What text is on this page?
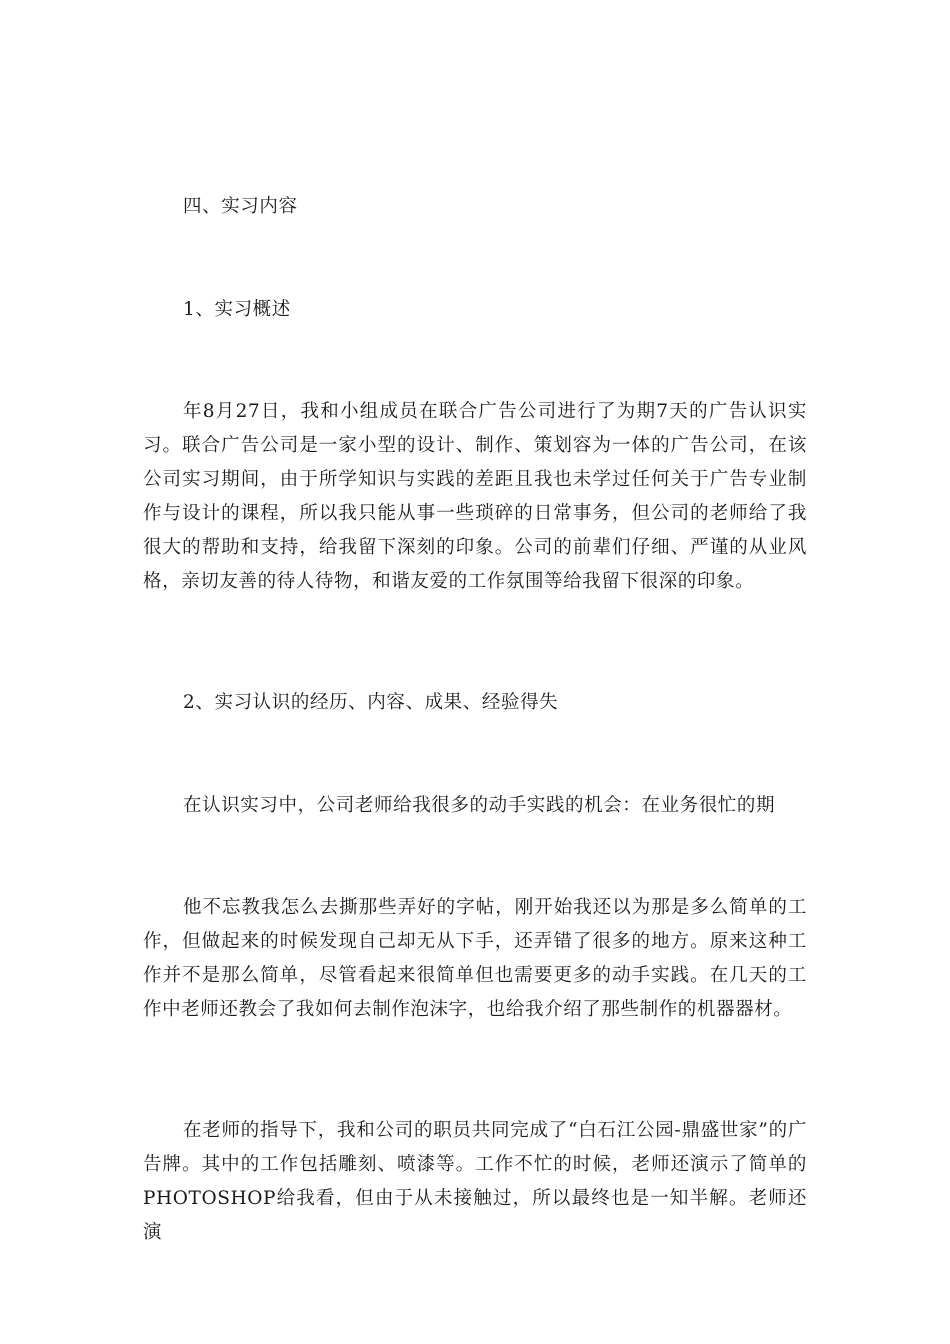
四、实习内容
1、实习概述
年8月27日，我和小组成员在联合广告公司进行了为期7天的广告认识实习。联合广告公司是一家小型的设计、制作、策划容为一体的广告公司，在该公司实习期间，由于所学知识与实践的差距且我也未学过任何关于广告专业制作与设计的课程，所以我只能从事一些琐碎的日常事务，但公司的老师给了我很大的帮助和支持，给我留下深刻的印象。公司的前辈们仔细、严谨的从业风格，亲切友善的待人待物，和谐友爱的工作氛围等给我留下很深的印象。
2、实习认识的经历、内容、成果、经验得失
在认识实习中，公司老师给我很多的动手实践的机会：在业务很忙的期
他不忘教我怎么去撕那些弄好的字帖，刚开始我还以为那是多么简单的工作，但做起来的时候发现自己却无从下手，还弄错了很多的地方。原来这种工作并不是那么简单，尽管看起来很简单但也需要更多的动手实践。在几天的工作中老师还教会了我如何去制作泡沫字，也给我介绍了那些制作的机器器材。
在老师的指导下，我和公司的职员共同完成了“白石江公园-鼎盛世家”的广告牌。其中的工作包括雕刻、喷漆等。工作不忙的时候，老师还演示了简单的PHOTOSHOP给我看，但由于从未接触过，所以最终也是一知半解。老师还演
